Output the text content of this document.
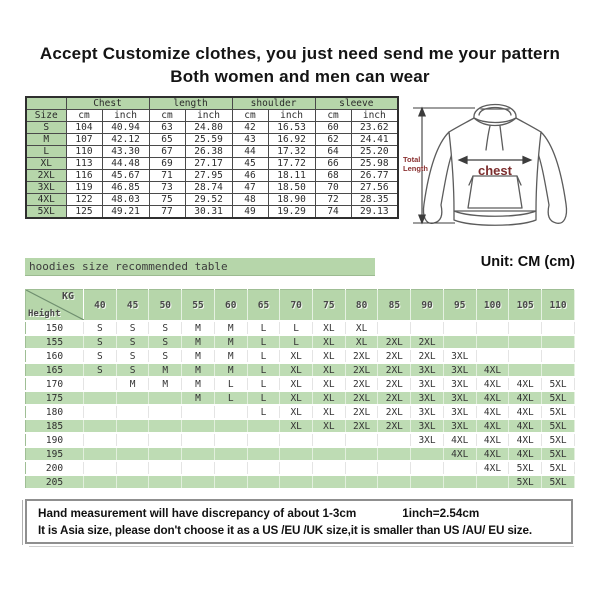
Accept Customize clothes, you just need send me your pattern
Both women and men can wear
	Chest		length		shoulder		sleeve	
Size	cm	inch	cm	inch	cm	inch	cm	inch
S	104	40.94	63	24.80	42	16.53	60	23.62
M	107	42.12	65	25.59	43	16.92	62	24.41
L	110	43.30	67	26.38	44	17.32	64	25.20
XL	113	44.48	69	27.17	45	17.72	66	25.98
2XL	116	45.67	71	27.95	46	18.11	68	26.77
3XL	119	46.85	73	28.74	47	18.50	70	27.56
4XL	122	48.03	75	29.52	48	18.90	72	28.35
5XL	125	49.21	77	30.31	49	19.29	74	29.13
chest
Total Length
hoodies size recommended table	Unit: CM (cm)
KG
Height	40	45	50	55	60	65	70	75	80	85	90	95	100	105	110
150	S	S	S	M	M	L	L	XL	XL						
155	S	S	S	M	M	L	L	XL	XL	2XL	2XL				
160	S	S	S	M	M	L	XL	XL	2XL	2XL	2XL	3XL			
165	S	S	M	M	M	L	XL	XL	2XL	2XL	3XL	3XL	4XL		
170		M	M	M	L	L	XL	XL	2XL	2XL	3XL	3XL	4XL	4XL	5XL
175				M	L	L	XL	XL	2XL	2XL	3XL	3XL	4XL	4XL	5XL
180						L	XL	XL	2XL	2XL	3XL	3XL	4XL	4XL	5XL
185							XL	XL	2XL	2XL	3XL	3XL	4XL	4XL	5XL
190											3XL	4XL	4XL	4XL	5XL
195												4XL	4XL	4XL	5XL
200													4XL	5XL	5XL
205														5XL	5XL
Hand measurement will have discrepancy of about 1-3cm	1inch=2.54cm
It is Asia size, please don't choose it as a US /EU /UK size,it is smaller than US /AU/ EU size.
